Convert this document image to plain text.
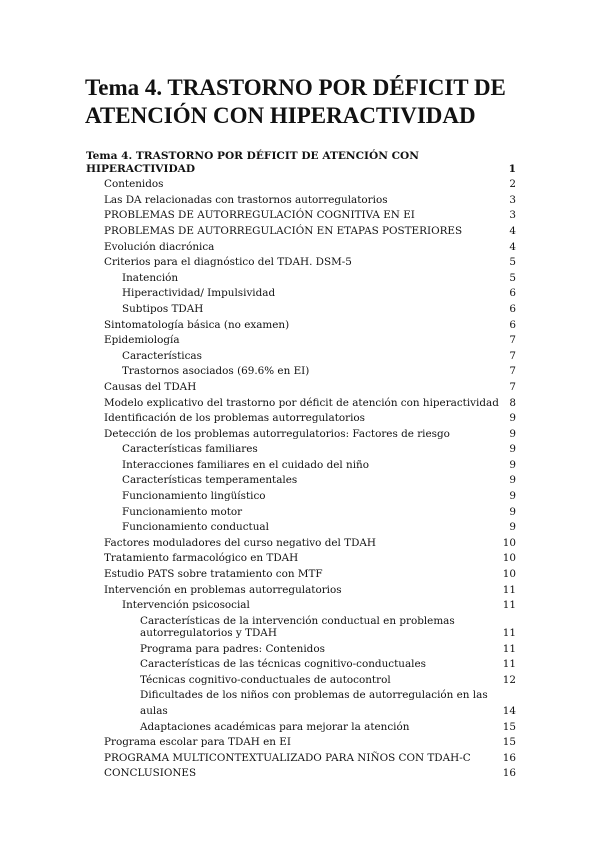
Tema 4. TRASTORNO POR DÉFICIT DE ATENCIÓN CON HIPERACTIVIDAD
Tema 4. TRASTORNO POR DÉFICIT DE ATENCIÓN CON HIPERACTIVIDAD	1
Contenidos	2
Las DA relacionadas con trastornos autorregulatorios	3
PROBLEMAS DE AUTORREGULACIÓN COGNITIVA EN EI	3
PROBLEMAS DE AUTORREGULACIÓN EN ETAPAS POSTERIORES	4
Evolución diacrónica	4
Criterios para el diagnóstico del TDAH. DSM-5	5
Inatención	5
Hiperactividad/ Impulsividad	6
Subtipos TDAH	6
Sintomatología básica (no examen)	6
Epidemiología	7
Características	7
Trastornos asociados (69.6% en EI)	7
Causas del TDAH	7
Modelo explicativo del trastorno por déficit de atención con hiperactividad	8
Identificación de los problemas autorregulatorios	9
Detección de los problemas autorregulatorios: Factores de riesgo	9
Características familiares	9
Interacciones familiares en el cuidado del niño	9
Características temperamentales	9
Funcionamiento lingüístico	9
Funcionamiento motor	9
Funcionamiento conductual	9
Factores moduladores del curso negativo del TDAH	10
Tratamiento farmacológico en TDAH	10
Estudio PATS sobre tratamiento con MTF	10
Intervención en problemas autorregulatorios	11
Intervención psicosocial	11
Características de la intervención conductual en problemas autorregulatorios y TDAH	11
Programa para padres: Contenidos	11
Características de las técnicas cognitivo-conductuales	11
Técnicas cognitivo-conductuales de autocontrol	12
Dificultades de los niños con problemas de autorregulación en las aulas	14
Adaptaciones académicas para mejorar la atención	15
Programa escolar para TDAH en EI	15
PROGRAMA MULTICONTEXTUALIZADO PARA NIÑOS CON TDAH-C	16
CONCLUSIONES	16
